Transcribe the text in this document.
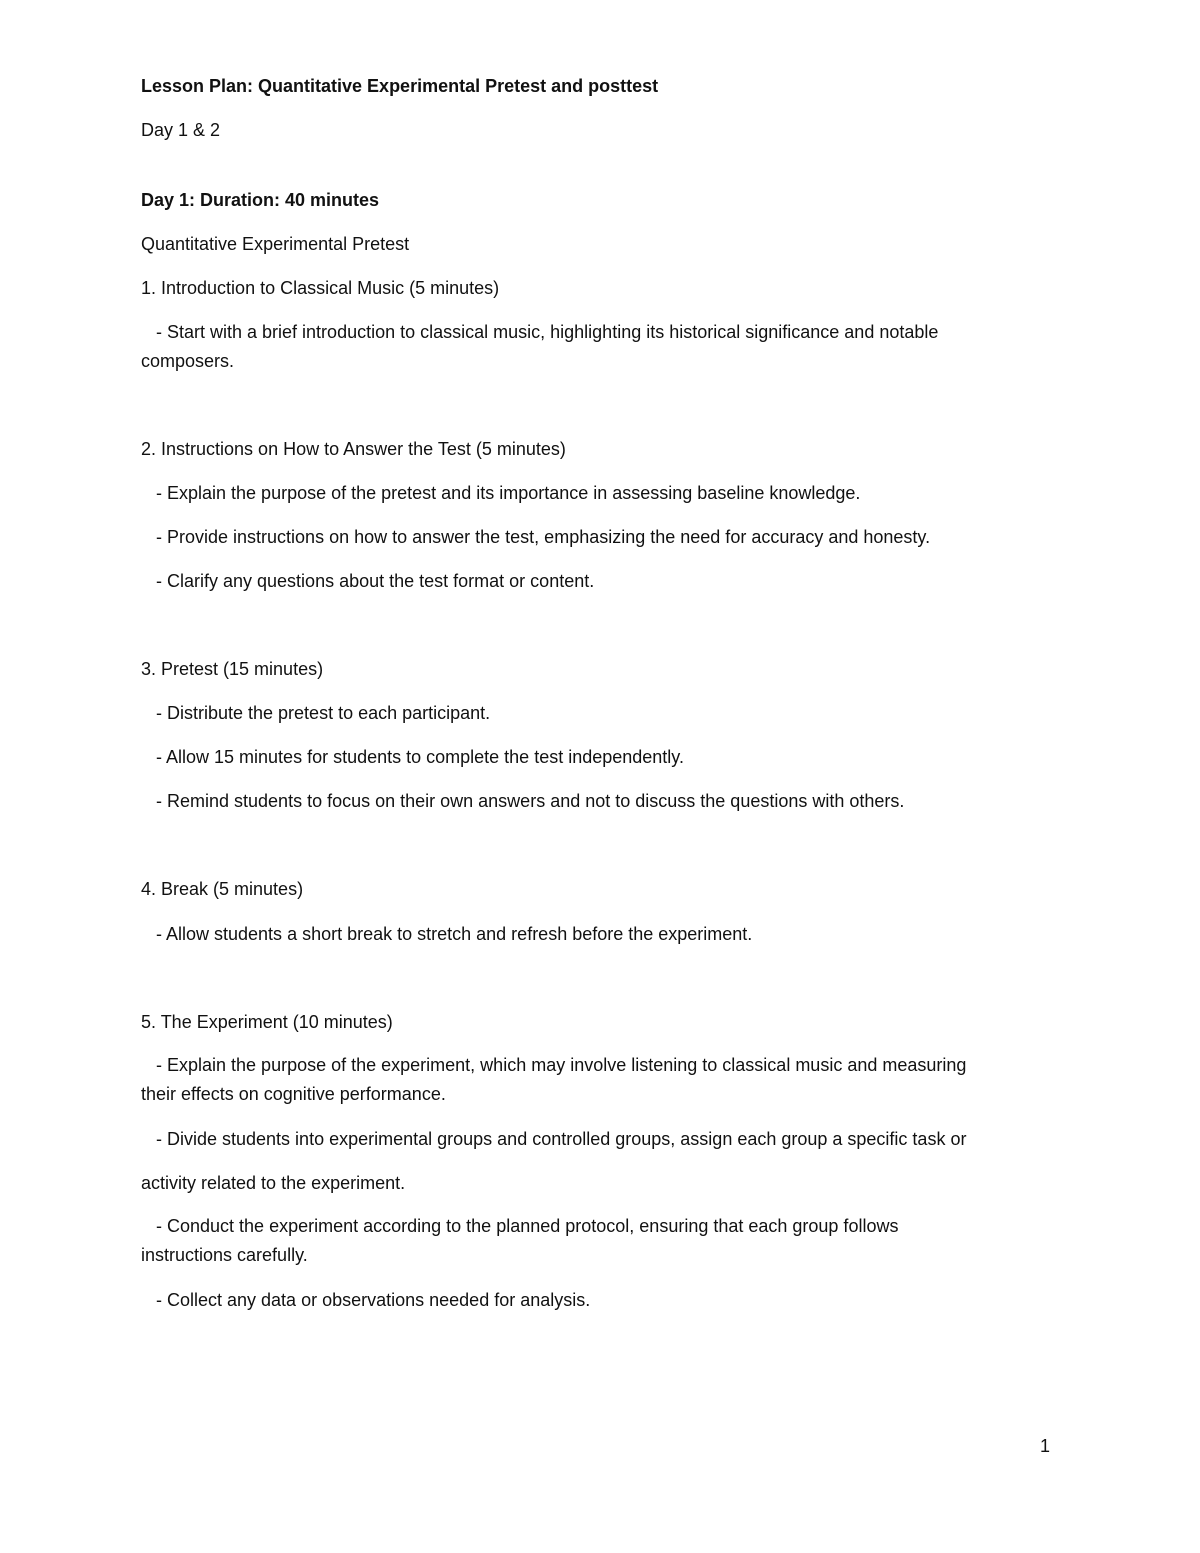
Lesson Plan: Quantitative Experimental Pretest and posttest
Day 1 & 2
Day 1: Duration: 40 minutes
Quantitative Experimental Pretest
1. Introduction to Classical Music (5 minutes)
- Start with a brief introduction to classical music, highlighting its historical significance and notable
composers.
2. Instructions on How to Answer the Test (5 minutes)
- Explain the purpose of the pretest and its importance in assessing baseline knowledge.
- Provide instructions on how to answer the test, emphasizing the need for accuracy and honesty.
- Clarify any questions about the test format or content.
3. Pretest (15 minutes)
- Distribute the pretest to each participant.
- Allow 15 minutes for students to complete the test independently.
- Remind students to focus on their own answers and not to discuss the questions with others.
4. Break (5 minutes)
- Allow students a short break to stretch and refresh before the experiment.
5. The Experiment (10 minutes)
- Explain the purpose of the experiment, which may involve listening to classical music and measuring
their effects on cognitive performance.
- Divide students into experimental groups and controlled groups, assign each group a specific task or
activity related to the experiment.
- Conduct the experiment according to the planned protocol, ensuring that each group follows
instructions carefully.
- Collect any data or observations needed for analysis.
1
